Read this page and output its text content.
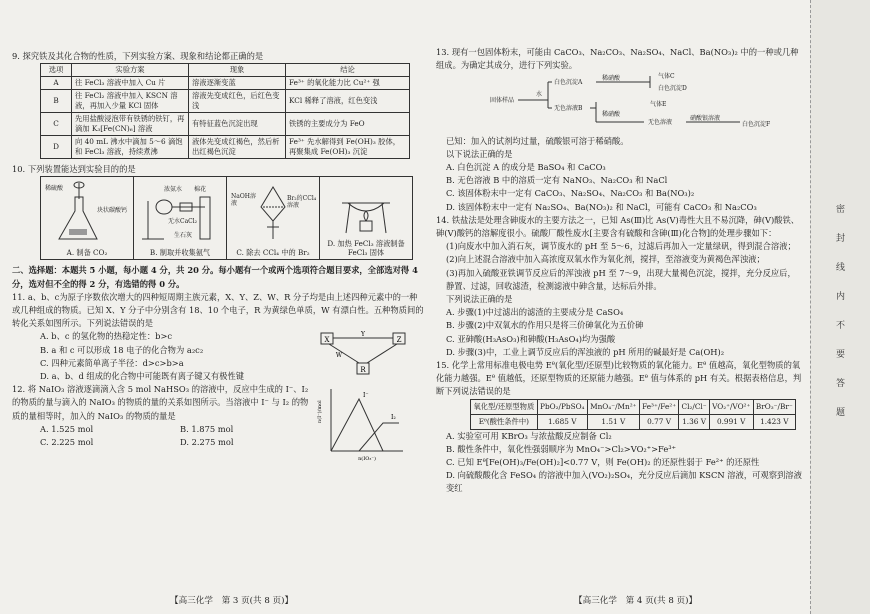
9. 探究铁及其化合物的性质，下列实验方案、现象和结论都正确的是

选项	实验方案	现象	结论
A	往 FeCl₃ 溶液中加入 Cu 片	溶液逐渐变蓝	Fe³⁺ 的氧化能力比 Cu²⁺ 强
B	往 FeCl₂ 溶液中加入 KSCN 溶液，再加入少量 KCl 固体	溶液先变成红色，后红色变浅	KCl 稀释了溶液，红色变浅
C	先用盐酸浸泡带有铁锈的铁钉，再滴加 K₃[Fe(CN)₆] 溶液	有特征蓝色沉淀出现	铁锈的主要成分为 FeO
D	向 40 mL 沸水中滴加 5～6 滴饱和 FeCl₃ 溶液，持续煮沸	液体先变成红褐色，然后析出红褐色沉淀	Fe³⁺ 先水解得到 Fe(OH)₃ 胶体，再聚集成 Fe(OH)₃ 沉淀

10. 下列装置能达到实验目的的是

稀硫酸
块状碳酸钙
A. 制备 CO₂
浓氨水 棉花
无水CaCl₂
生石灰
B. 制取并收集氨气
NaOH溶液
Br₂的CCl₄溶液
C. 除去 CCl₄ 中的 Br₂
D. 加热 FeCl₃ 溶液制备 FeCl₃ 固体

二、选择题：本题共 5 小题，每小题 4 分，共 20 分。每小题有一个或两个选项符合题目要求，全部选对得 4 分，选对但不全的得 2 分，有选错的得 0 分。

11. a、b、c为原子序数依次增大的四种短周期主族元素，X、Y、Z、W、R 分子均是由上述四种元素中的一种或几种组成的物质。已知 X、Y 分子中分别含有 18、10 个电子，R 为黄绿色单质，W 有漂白性。五种物质间的转化关系如图所示。下列说法错误的是

A. b、c 的氢化物的热稳定性：b>c
B. a 和 c 可以形成 18 电子的化合物为 a₂c₂
C. 四种元素简单离子半径：d>c>b>a
D. a、b、d 组成的化合物中可能既有离子键又有极性键
X
Y
Z
W
R

12. 将 NaIO₃ 溶液逐滴滴入含 5 mol NaHSO₃ 的溶液中，反应中生成的 I⁻、I₂ 的物质的量与滴入的 NaIO₃ 的物质的量的关系如图所示。当溶液中 I⁻ 与 I₂ 的物质的量相等时，加入的 NaIO₃ 的物质的量是

A. 1.525 mol	B. 1.875 mol
C. 2.225 mol	D. 2.275 mol
n(I⁻)/mol
n(IO₃⁻)
I⁻
I₂
【高三化学　第 3 页(共 8 页)】

13. 现有一包固体粉末，可能由 CaCO₃、Na₂CO₃、Na₂SO₄、NaCl、Ba(NO₃)₂ 中的一种或几种组成。为确定其成分，进行下列实验。

固体样品
水
白色沉淀A
稀硝酸	气体C
白色沉淀D
无色溶液B
气体E
稀硝酸
无色溶液
硝酸银溶液
白色沉淀F

已知：加入的试剂均过量，硫酸银可溶于稀硝酸。

以下说法正确的是

A. 白色沉淀 A 的成分是 BaSO₄ 和 CaCO₃
B. 无色溶液 B 中的溶质一定有 NaNO₃、Na₂CO₃ 和 NaCl
C. 该固体粉末中一定有 CaCO₃、Na₂SO₄、Na₂CO₃ 和 Ba(NO₃)₂
D. 该固体粉末中一定有 Na₂SO₄、Ba(NO₃)₂ 和 NaCl，可能有 CaCO₃ 和 Na₂CO₃

14. 铁盐法是处理含砷废水的主要方法之一，已知 As(Ⅲ)比 As(Ⅴ)毒性大且不易沉降，砷(Ⅴ)酸铁、砷(Ⅴ)酸钙的溶解度很小。硫酸厂酸性废水[主要含有硫酸和含砷(Ⅲ)化合物]的处理步骤如下：

(1)向废水中加入消石灰，调节废水的 pH 至 5～6，过滤后再加入一定量绿矾，得到混合溶液；
(2)向上述混合溶液中加入高浓度双氧水作为氧化剂，搅拌，至溶液变为黄褐色浑浊液；
(3)再加入硫酸亚铁调节反应后的浑浊液 pH 至 7～9，出现大量褐色沉淀，搅拌，充分反应后，静置、过滤，回收滤渣，检测滤液中砷含量，达标后外排。

下列说法正确的是

A. 步骤(1)中过滤出的滤渣的主要成分是 CaSO₄
B. 步骤(2)中双氧水的作用只是将三价砷氧化为五价砷
C. 亚砷酸(H₃AsO₃)和砷酸(H₃AsO₄)均为强酸
D. 步骤(3)中，工业上调节反应后的浑浊液的 pH 所用的碱最好是 Ca(OH)₂

15. 化学上常用标准电极电势 Eᶿ(氧化型/还原型)比较物质的氧化能力。Eᶿ 值越高，氧化型物质的氧化能力越强。Eᶿ 值越低，还原型物质的还原能力越强。Eᶿ 值与体系的 pH 有关。根据表格信息，判断下列说法错误的是

氧化型/还原型物质	PbO₂/PbSO₄	MnO₄⁻/Mn²⁺	Fe³⁺/Fe²⁺	Cl₂/Cl⁻	VO₂⁺/VO²⁺	BrO₃⁻/Br⁻
Eᶿ(酸性条件中)	1.685 V	1.51 V	0.77 V	1.36 V	0.991 V	1.423 V
A. 实验室可用 KBrO₃ 与浓盐酸反应制备 Cl₂
B. 酸性条件中，氧化性强弱顺序为 MnO₄⁻>Cl₂>VO₂⁺>Fe³⁺
C. 已知 Eᶿ[Fe(OH)₃/Fe(OH)₂]<0.77 V，则 Fe(OH)₂ 的还原性弱于 Fe²⁺ 的还原性
D. 向硫酸酸化含 FeSO₄ 的溶液中加入(VO₂)₂SO₄，充分反应后滴加 KSCN 溶液，可观察到溶液变红
【高三化学　第 4 页(共 8 页)】
密封线内不要答题
